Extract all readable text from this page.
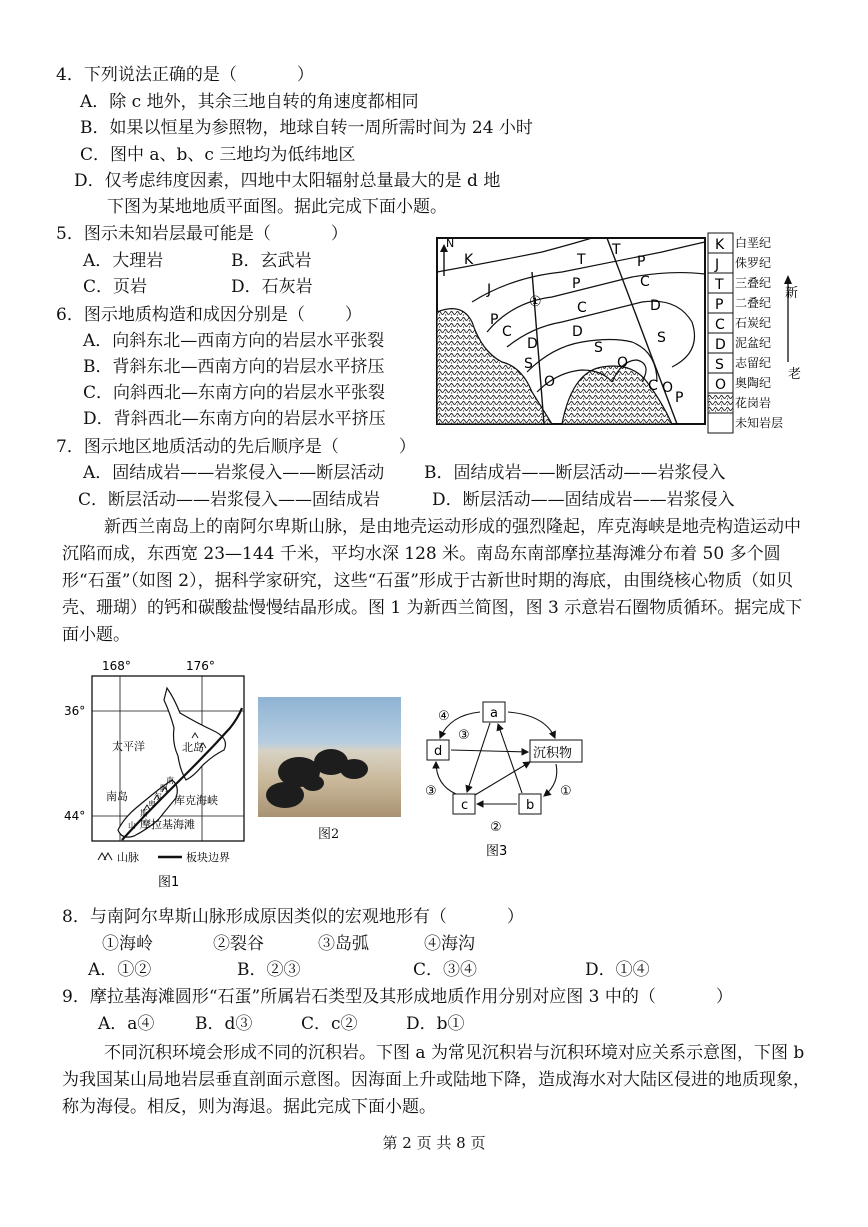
4．下列说法正确的是（	）
A．除 c 地外，其余三地自转的角速度都相同
B．如果以恒星为参照物，地球自转一周所需时间为 24 小时
C．图中 a、b、c 三地均为低纬地区
D．仅考虑纬度因素，四地中太阳辐射总量最大的是 d 地
下图为某地地质平面图。据此完成下面小题。
5．图示未知岩层最可能是（	）
A．大理岩	B．玄武岩
C．页岩	D．石灰岩
6．图示地质构造和成因分别是（ ）
A．向斜东北—西南方向的岩层水平张裂
B．背斜东北—西南方向的岩层水平挤压
C．向斜西北—东南方向的岩层水平张裂
D．背斜西北—东南方向的岩层水平挤压
N
K	T	P
J
①
P	C
C	D
P
D
D
C
S
S
O
O
O
C
P
S
T	K
J
T
P
C
D
S
O
白垩纪
侏罗纪
三叠纪
二叠纪
石炭纪
泥盆纪
志留纪
奥陶纪
花岗岩
未知岩层
新
老
7．图示地区地质活动的先后顺序是（	）
A．固结成岩——岩浆侵入——断层活动 B．固结成岩——断层活动——岩浆侵入
C．断层活动——岩浆侵入——固结成岩	D．断层活动——固结成岩——岩浆侵入
新西兰南岛上的南阿尔卑斯山脉，是由地壳运动形成的强烈隆起，库克海峡是地壳构造运动中沉陷而成，东西宽 23—144 千米，平均水深 128 米。南岛东南部摩拉基海滩分布着 50 多个圆形“石蛋”（如图 2），据科学家研究，这些“石蛋”形成于古新世时期的海底，由围绕核心物质（如贝壳、珊瑚）的钙和碳酸盐慢慢结晶形成。图 1 为新西兰简图，图 3 示意岩石圈物质循环。据完成下面小题。
168°	176°
36°
44°
太平洋	北岛
南岛	库克海峡
摩拉基海滩
南
阿
尔
卑
斯
山
山脉	板块边界
图1
图2
a
d	沉积物
c	b
④
③
③	①
②
图3
8．与南阿尔卑斯山脉形成原因类似的宏观地形有（	）
①海岭	②裂谷	③岛弧	④海沟
A．①②	B．②③	C．③④	D．①④
9．摩拉基海滩圆形“石蛋”所属岩石类型及其形成地质作用分别对应图 3 中的（	）
A．a④ B．d③	C．c②	D．b①
不同沉积环境会形成不同的沉积岩。下图 a 为常见沉积岩与沉积环境对应关系示意图，下图 b 为我国某山局地岩层垂直剖面示意图。因海面上升或陆地下降，造成海水对大陆区侵进的地质现象，称为海侵。相反，则为海退。据此完成下面小题。
第 2 页 共 8 页
